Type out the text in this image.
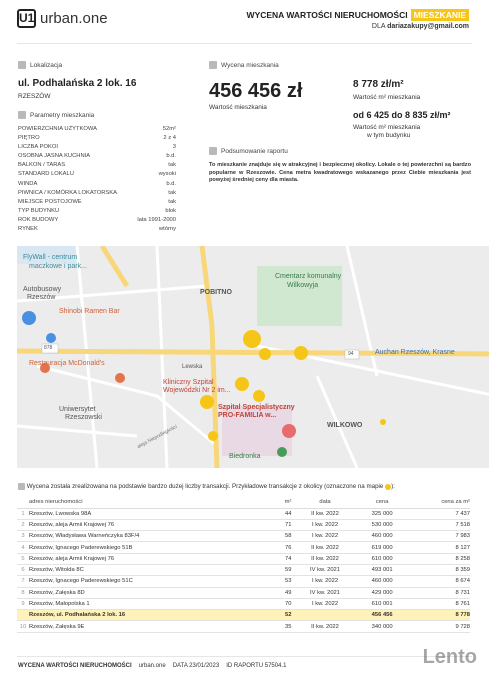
U1 urban.one	WYCENA WARTOŚCI NIERUCHOMOŚCI MIESZKANIE
DLA dariazakupy@gmail.com
Lokalizacja
ul. Podhalańska 2 lok. 16
RZESZÓW
Parametry mieszkania
POWIERZCHNIA UŻYTKOWA	52m²
PIĘTRO	2 z 4
LICZBA POKOI	3
OSOBNA JASNA KUCHNIA	b.d.
BALKON / TARAS	tak
STANDARD LOKALU	wysoki
WINDA	b.d.
PIWNICA / KOMÓRKA LOKATORSKA	tak
MIEJSCE POSTOJOWE	tak
TYP BUDYNKU	blok
ROK BUDOWY	lata 1991-2000
RYNEK	wtórny
Wycena mieszkania
456 456 zł
Wartość mieszkania
8 778 zł/m²
Wartość m² mieszkania
od 6 425 do 8 835 zł/m²
Wartość m² mieszkania
w tym budynku
Podsumowanie raportu
To mieszkanie znajduje się w atrakcyjnej i bezpiecznej okolicy. Lokale o tej powierzchni są bardzo popularne w Rzeszowie. Cena metra kwadratowego wskazanego przez Ciebie mieszkania jest powyżej średniej ceny dla miasta.
FlyWall - centrum
maczkowe i park...
Autobusowy
Rzeszów
Shinobi Ramen Bar
Cmentarz komunalny
Wilkowyja
POBITNO
878
94	Auchan Rzeszów, Krasne
Restauracja McDonald's	Lewska
Kliniczny Szpital
Wojewódzki Nr 2 im...
Szpital Specjalistyczny
PRO-FAMILIA w...
Uniwersytet
Rzeszowski
WILKOWO
aleja Niepodległości
Biedronka
Wycena została zrealizowana na podstawie bardzo dużej liczby transakcji. Przykładowe transakcje z okolicy (oznaczone na mapie ):
	adres nieruchomości	m²	data	cena	cena za m²
1	Rzeszów, Lwowska 98A	44	II kw. 2022	325 000	7 437
2	Rzeszów, aleja Armii Krajowej 76	71	I kw. 2022	530 000	7 518
3	Rzeszów, Władysława Warneńczyka 83F/4	58	I kw. 2022	460 000	7 983
4	Rzeszów, Ignacego Paderewskiego 51B	76	II kw. 2022	619 000	8 127
5	Rzeszów, aleja Armii Krajowej 76	74	II kw. 2022	610 000	8 258
6	Rzeszów, Witolda 8C	59	IV kw. 2021	493 001	8 359
7	Rzeszów, Ignacego Paderewskiego 51C	53	I kw. 2022	460 000	8 674
8	Rzeszów, Załęska 8D	49	IV kw. 2021	429 000	8 731
9	Rzeszów, Małopolska 1	70	I kw. 2022	610 001	8 761
	Rzeszów, ul. Podhalańska 2 lok. 16	52		456 456	8 778
10	Rzeszów, Załęska 9E	35	II kw. 2022	340 000	9 728
WYCENA WARTOŚCI NIERUCHOMOŚCI urban.one DATA 23/01/2023 ID RAPORTU 57504.1	Lento
